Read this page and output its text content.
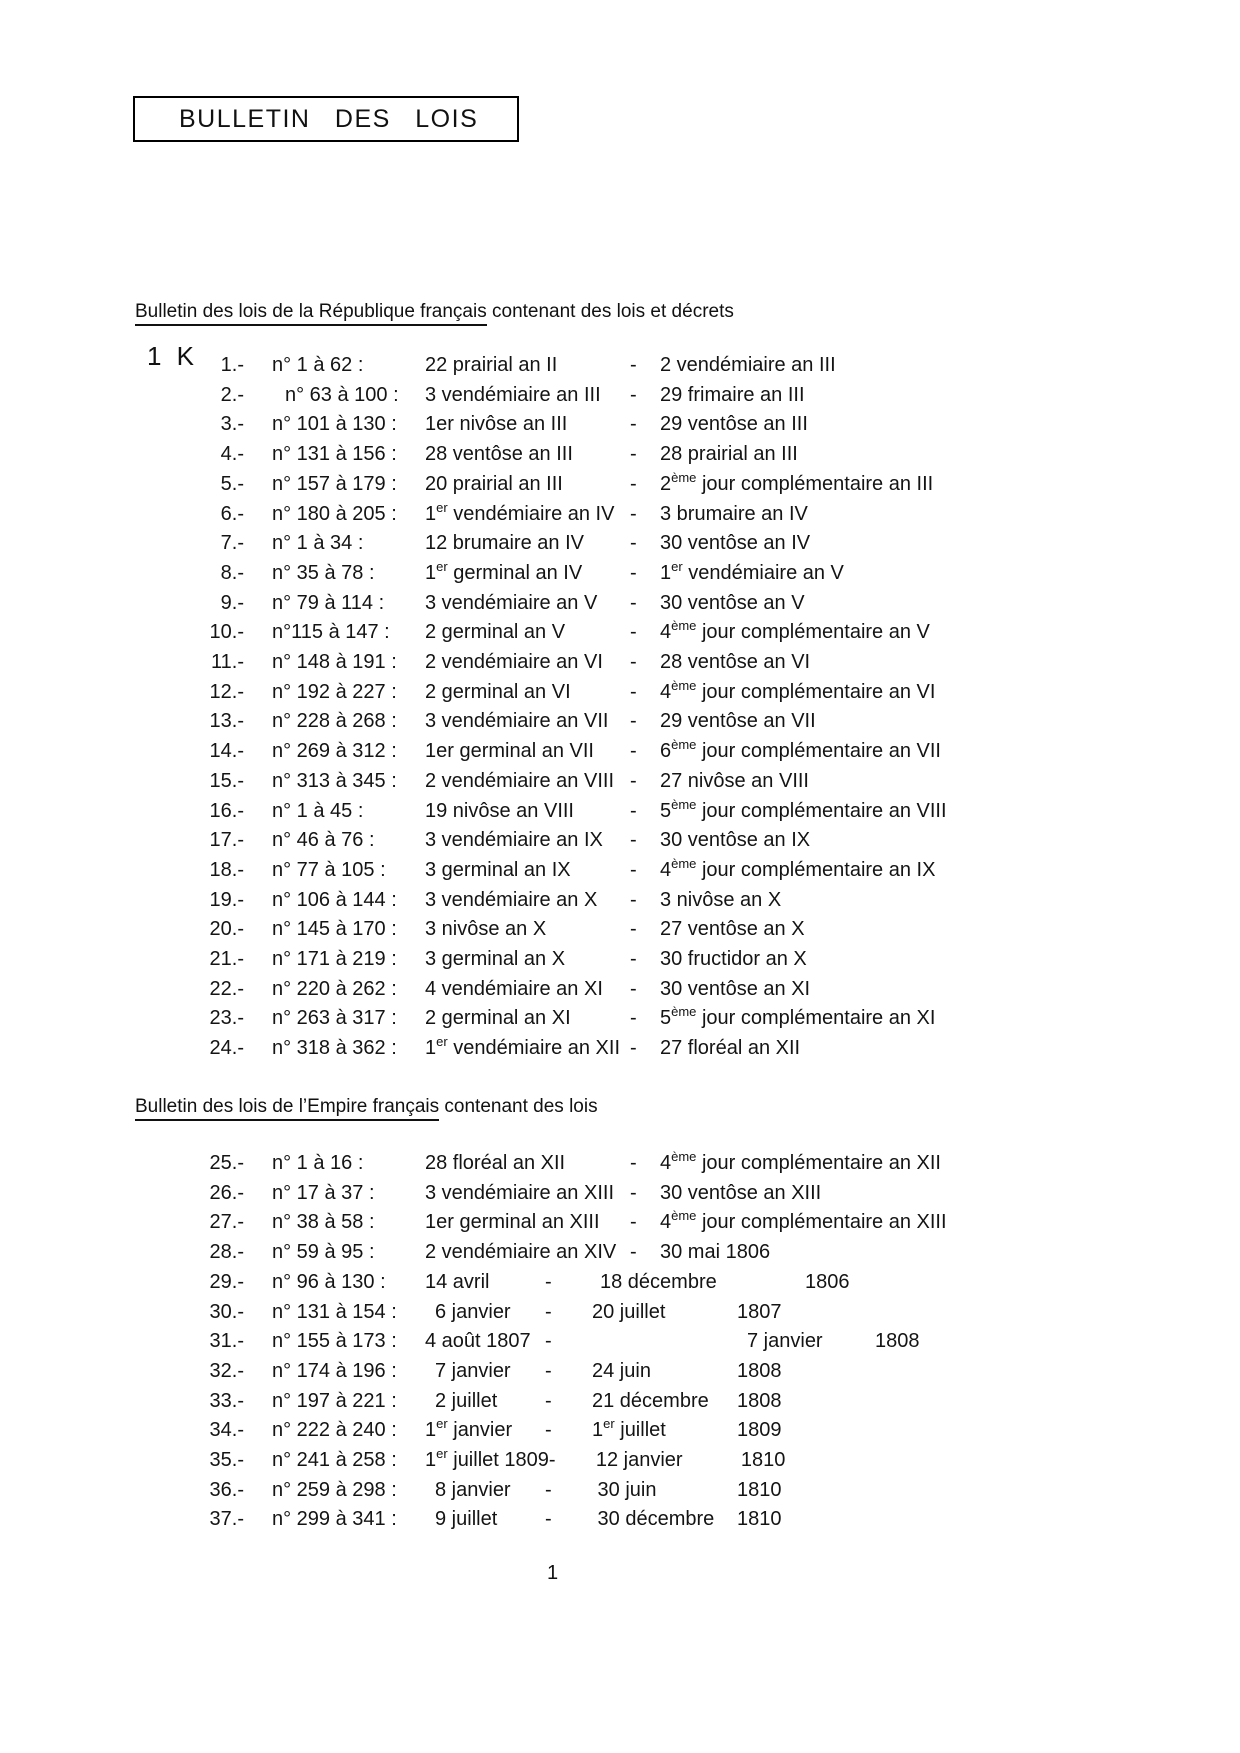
BULLETIN DES LOIS
Bulletin des lois de la République français contenant des lois et décrets
1 K	1.- n° 1 à 62 :	22 prairial an II	-	2 vendémiaire an III
2.-	n° 63 à 100 :	3 vendémiaire an III	-	29 frimaire an III
3.- n° 101 à 130 :	1er nivôse an III	-	29 ventôse an III
4.- n° 131 à 156 :	28 ventôse an III	-	28 prairial an III
5.- n° 157 à 179 :	20 prairial an III	-	2ème jour complémentaire an III
6.- n° 180 à 205 :	1er vendémiaire an IV -	3 brumaire an IV
7.- n° 1 à 34 :	12 brumaire an IV	-	30 ventôse an IV
8.- n° 35 à 78 :	1er germinal an IV	-	1er vendémiaire an V
9.- n° 79 à 114 :	3 vendémiaire an V	-	30 ventôse an V
10.- n°115 à 147 :	2 germinal an V	-	4ème jour complémentaire an V
11.- n° 148 à 191 :	2 vendémiaire an VI	-	28 ventôse an VI
12.- n° 192 à 227 :	2 germinal an VI	-	4ème jour complémentaire an VI
13.- n° 228 à 268 :	3 vendémiaire an VII	-	29 ventôse an VII
14.- n° 269 à 312 :	1er germinal an VII	-	6ème jour complémentaire an VII
15.- n° 313 à 345 :	2 vendémiaire an VIII -	27 nivôse an VIII
16.- n° 1 à 45 :	19 nivôse an VIII	-	5ème jour complémentaire an VIII
17.- n° 46 à 76 :	3 vendémiaire an IX	-	30 ventôse an IX
18.- n° 77 à 105 :	3 germinal an IX	-	4ème jour complémentaire an IX
19.- n° 106 à 144 :	3 vendémiaire an X	-	3 nivôse an X
20.- n° 145 à 170 :	3 nivôse an X	-	27 ventôse an X
21.- n° 171 à 219 :	3 germinal an X	-	30 fructidor an X
22.- n° 220 à 262 :	4 vendémiaire an XI	-	30 ventôse an XI
23.- n° 263 à 317 :	2 germinal an XI	-	5ème jour complémentaire an XI
24.- n° 318 à 362 :	1er vendémiaire an XII -	27 floréal an XII
Bulletin des lois de l’Empire français contenant des lois
25.- n° 1 à 16 :	28 floréal an XII	-	4ème jour complémentaire an XII
26.- n° 17 à 37 :	3 vendémiaire an XIII -	30 ventôse an XIII
27.- n° 38 à 58 :	1er germinal an XIII	-	4ème jour complémentaire an XIII
28.- n° 59 à 95 :	2 vendémiaire an XIV -	30 mai 1806
29.- n° 96 à 130 :	14 avril	-	18 décembre	1806
30.- n° 131 à 154 :	6 janvier	-	20 juillet	1807
31.- n° 155 à 173 :	4 août 1807 -	7 janvier	1808
32.- n° 174 à 196 :	7 janvier	-	24 juin	1808
33.- n° 197 à 221 :	2 juillet	-	21 décembre	1808
34.- n° 222 à 240 :	1er janvier	-	1er juillet	1809
35.- n° 241 à 258 :	1er juillet 1809 -	12 janvier	1810
36.- n° 259 à 298 :	8 janvier	-	30 juin	1810
37.- n° 299 à 341 :	9 juillet	-	30 décembre	1810
1
